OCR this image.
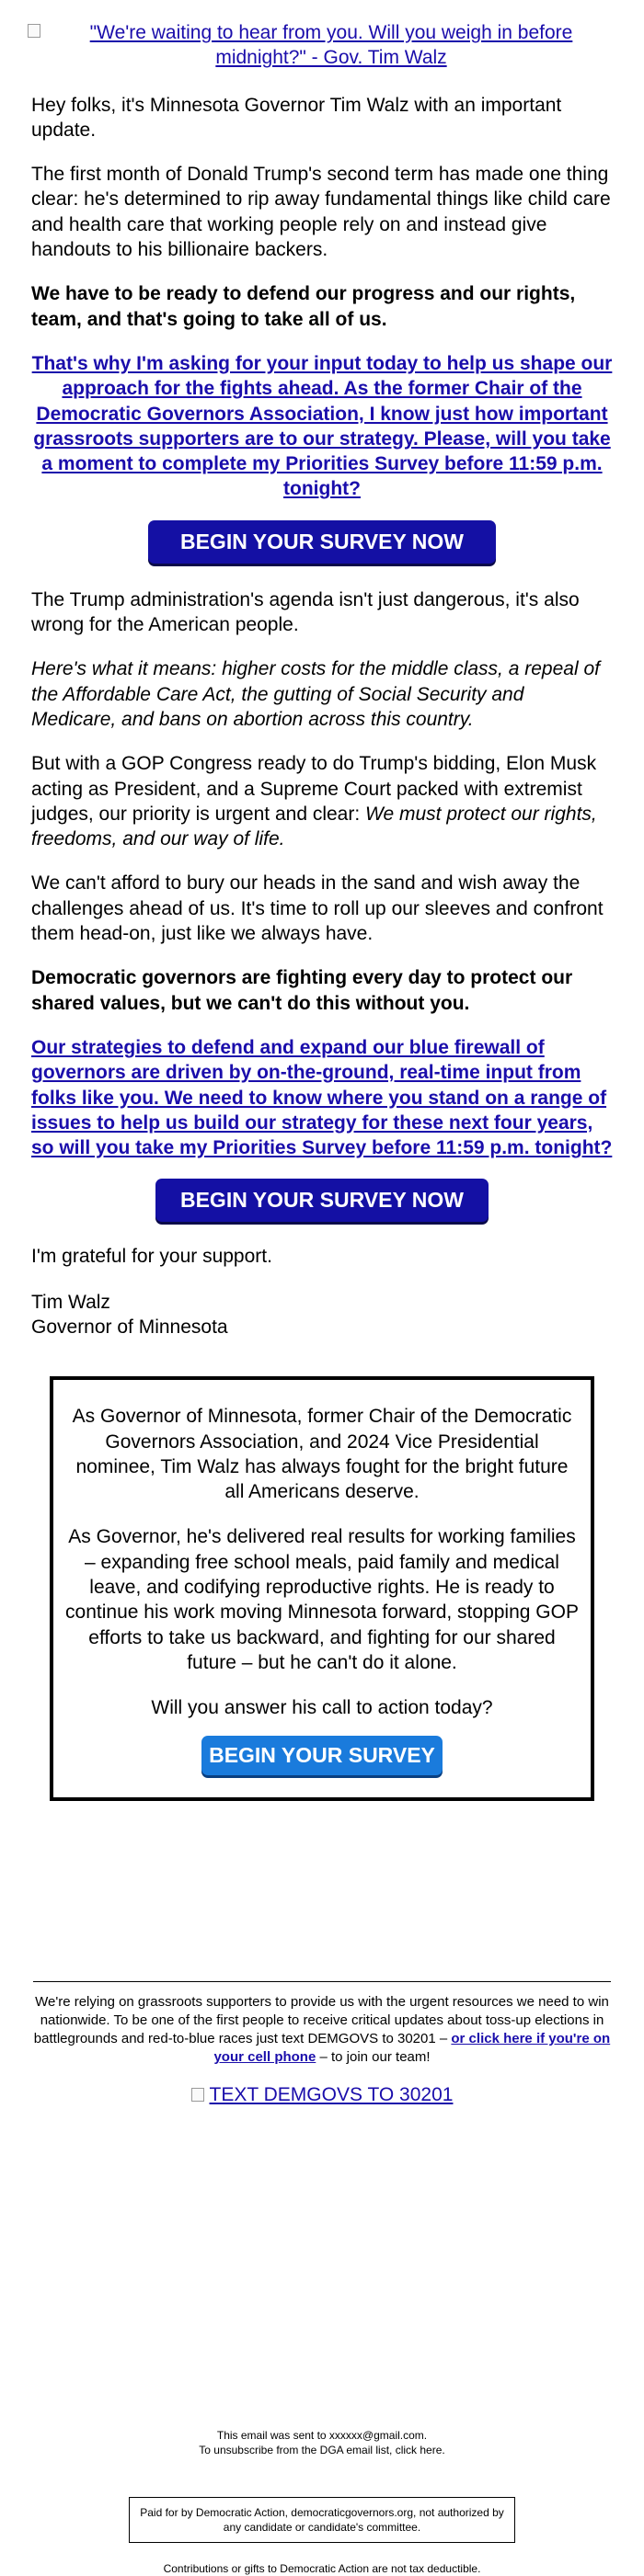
"We're waiting to hear from you. Will you weigh in before midnight?" - Gov. Tim Walz

Hey folks, it's Minnesota Governor Tim Walz with an important update.

The first month of Donald Trump's second term has made one thing clear: he's determined to rip away fundamental things like child care and health care that working people rely on and instead give handouts to his billionaire backers.

We have to be ready to defend our progress and our rights, team, and that's going to take all of us.

That's why I'm asking for your input today to help us shape our approach for the fights ahead. As the former Chair of the Democratic Governors Association, I know just how important grassroots supporters are to our strategy. Please, will you take a moment to complete my Priorities Survey before 11:59 p.m. tonight?

BEGIN YOUR SURVEY NOW

The Trump administration's agenda isn't just dangerous, it's also wrong for the American people.

Here's what it means: higher costs for the middle class, a repeal of the Affordable Care Act, the gutting of Social Security and Medicare, and bans on abortion across this country.

But with a GOP Congress ready to do Trump's bidding, Elon Musk acting as President, and a Supreme Court packed with extremist judges, our priority is urgent and clear: We must protect our rights, freedoms, and our way of life.

We can't afford to bury our heads in the sand and wish away the challenges ahead of us. It's time to roll up our sleeves and confront them head-on, just like we always have.

Democratic governors are fighting every day to protect our shared values, but we can't do this without you.

Our strategies to defend and expand our blue firewall of governors are driven by on-the-ground, real-time input from folks like you. We need to know where you stand on a range of issues to help us build our strategy for these next four years, so will you take my Priorities Survey before 11:59 p.m. tonight?

BEGIN YOUR SURVEY NOW

I'm grateful for your support.

Tim Walz
Governor of Minnesota

As Governor of Minnesota, former Chair of the Democratic Governors Association, and 2024 Vice Presidential nominee, Tim Walz has always fought for the bright future all Americans deserve.

As Governor, he's delivered real results for working families – expanding free school meals, paid family and medical leave, and codifying reproductive rights. He is ready to continue his work moving Minnesota forward, stopping GOP efforts to take us backward, and fighting for our shared future – but he can't do it alone.

Will you answer his call to action today?

BEGIN YOUR SURVEY
We're relying on grassroots supporters to provide us with the urgent resources we need to win nationwide. To be one of the first people to receive critical updates about toss-up elections in battlegrounds and red-to-blue races just text DEMGOVS to 30201 – or click here if you're on your cell phone – to join our team!
TEXT DEMGOVS TO 30201
This email was sent to xxxxxx@gmail.com.
To unsubscribe from the DGA email list, click here.
Paid for by Democratic Action, democraticgovernors.org, not authorized by any candidate or candidate's committee.
Contributions or gifts to Democratic Action are not tax deductible.
